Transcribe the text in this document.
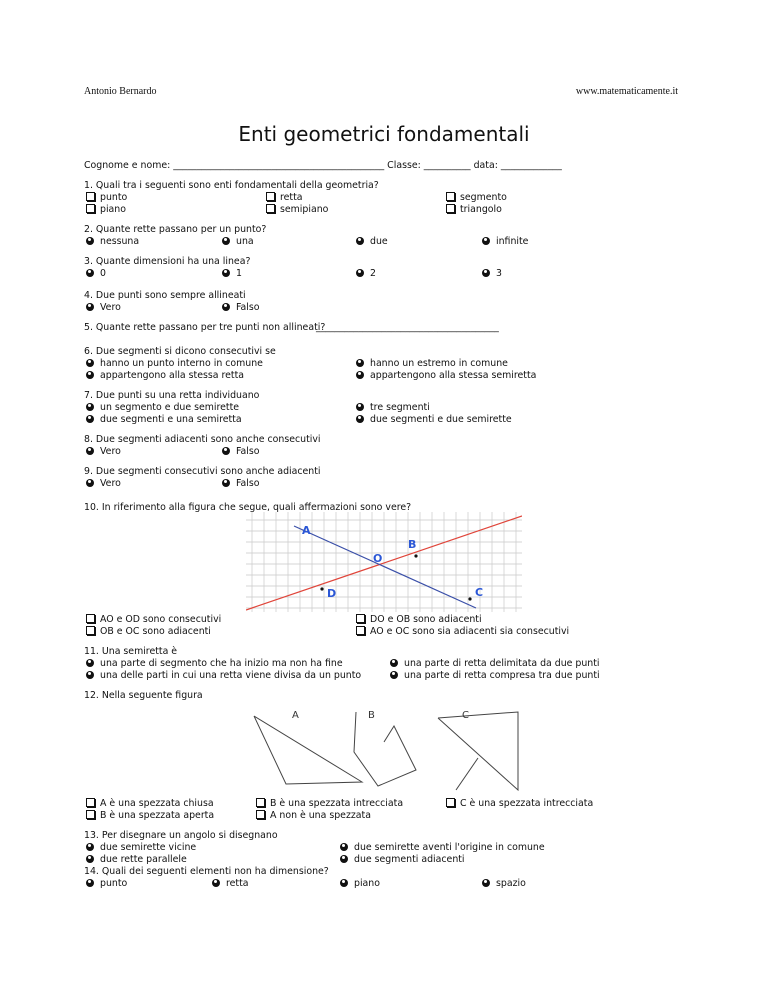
Antonio Bernardo	www.matematicamente.it
Enti geometrici fondamentali
Cognome e nome: _____________________________________________ Classe: __________ data: _____________
1. Quali tra i seguenti sono enti fondamentali della geometria?
punto
piano
retta
semipiano
segmento
triangolo
2. Quante rette passano per un punto?
nessuna	una	due	infinite
3. Quante dimensioni ha una linea?
0	1	2	3
4. Due punti sono sempre allineati
Vero	Falso
5. Quante rette passano per tre punti non allineati?
_______________________________________
6. Due segmenti si dicono consecutivi se
hanno un punto interno in comune
appartengono alla stessa retta
hanno un estremo in comune
appartengono alla stessa semiretta
7. Due punti su una retta individuano
un segmento e due semirette
due segmenti e una semiretta
tre segmenti
due segmenti e due semirette
8. Due segmenti adiacenti sono anche consecutivi
Vero	Falso
9. Due segmenti consecutivi sono anche adiacenti
Vero	Falso
10. In riferimento alla figura che segue, quali affermazioni sono vere?
A
B
O
D	C
AO e OD sono consecutivi
OB e OC sono adiacenti
DO e OB sono adiacenti
AO e OC sono sia adiacenti sia consecutivi
11. Una semiretta è
una parte di segmento che ha inizio ma non ha fine
una delle parti in cui una retta viene divisa da un punto
una parte di retta delimitata da due punti
una parte di retta compresa tra due punti
12. Nella seguente figura
A	B	C
A è una spezzata chiusa
B è una spezzata aperta
B è una spezzata intrecciata
A non è una spezzata
C è una spezzata intrecciata
13. Per disegnare un angolo si disegnano
due semirette vicine
due rette parallele
due semirette aventi l'origine in comune
due segmenti adiacenti
14. Quali dei seguenti elementi non ha dimensione?
punto	retta	piano	spazio
